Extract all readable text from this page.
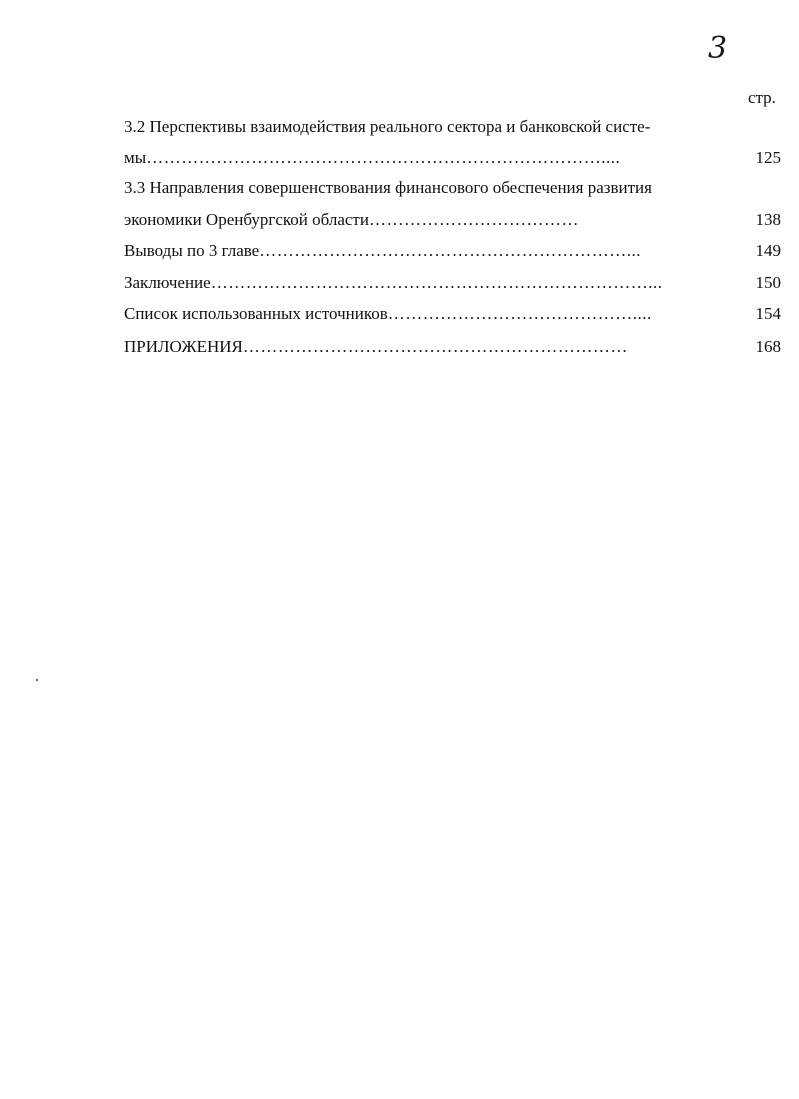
3
стр.
3.2 Перспективы взаимодействия реального сектора и банковской систе-
мы ……………………………………………………………………....	125
3.3 Направления совершенствования финансового обеспечения развития
экономики Оренбургской области ………………………………	138
Выводы по 3 главе ………………………………………………………...	149
Заключение …………………………………………………………………...	150
Список использованных источников ……………………………………....	154
ПРИЛОЖЕНИЯ …………………………………………………………	168
